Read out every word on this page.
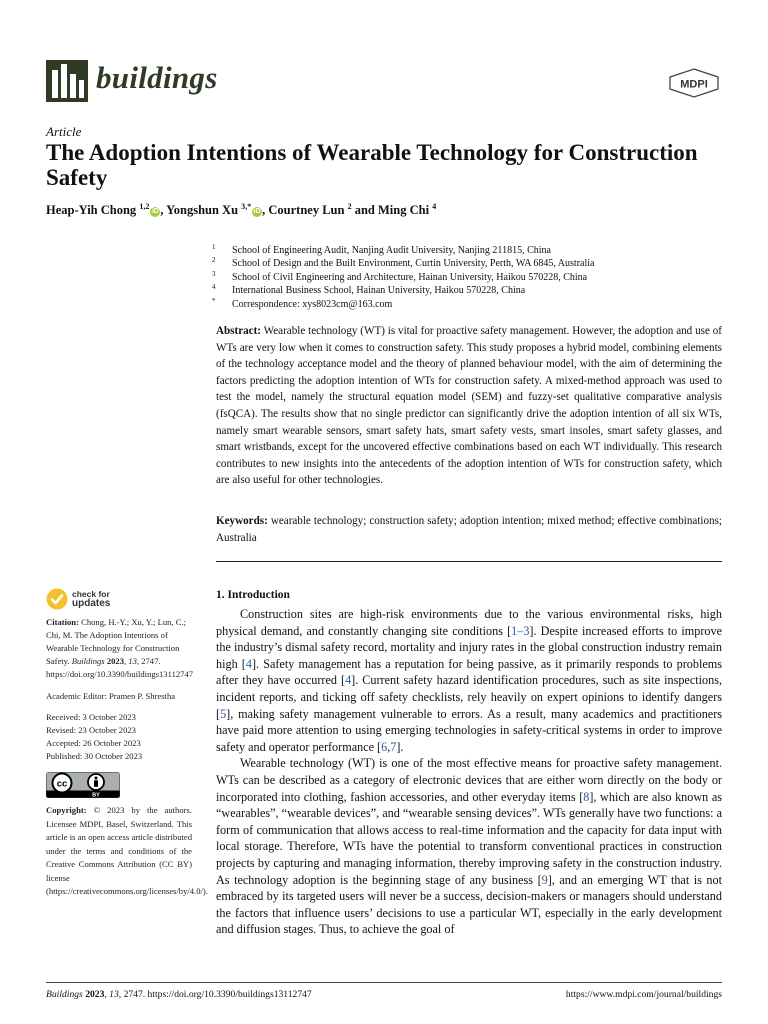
buildings	MDPI
Article
The Adoption Intentions of Wearable Technology for Construction Safety
Heap-Yih Chong $^{1,2}$iD , Yongshun Xu $^{3,*}$iD , Courtney Lun $^2$ and Ming Chi $^4$
1 School of Engineering Audit, Nanjing Audit University, Nanjing 211815, China
2 School of Design and the Built Environment, Curtin University, Perth, WA 6845, Australia
3 School of Civil Engineering and Architecture, Hainan University, Haikou 570228, China
4 International Business School, Hainan University, Haikou 570228, China
* Correspondence: xys8023cm@163.com
Abstract: Wearable technology (WT) is vital for proactive safety management. However, the adoption and use of WTs are very low when it comes to construction safety. This study proposes a hybrid model, combining elements of the technology acceptance model and the theory of planned behaviour model, with the aim of determining the factors predicting the adoption intention of WTs for construction safety. A mixed-method approach was used to test the model, namely the structural equation model (SEM) and fuzzy-set qualitative comparative analysis (fsQCA). The results show that no single predictor can significantly drive the adoption intention of all six WTs, namely smart wearable sensors, smart safety hats, smart safety vests, smart insoles, smart safety glasses, and smart wristbands, except for the uncovered effective combinations based on each WT individually. This research contributes to new insights into the antecedents of the adoption intention of WTs for construction safety, which are also useful for other technologies.
Keywords: wearable technology; construction safety; adoption intention; mixed method; effective combinations; Australia
check for
updates
Citation: Chong, H.-Y.; Xu, Y.; Lun, C.; Chi, M. The Adoption Intentions of Wearable Technology for Construction Safety. Buildings 2023, 13, 2747. https://doi.org/10.3390/buildings13112747
Academic Editor: Pramen P. Shrestha
Received: 3 October 2023
Revised: 23 October 2023
Accepted: 26 October 2023
Published: 30 October 2023
cc
BY
Copyright: © 2023 by the authors. Licensee MDPI, Basel, Switzerland. This article is an open access article distributed under the terms and conditions of the Creative Commons Attribution (CC BY) license (https://creativecommons.org/licenses/by/4.0/).
1. Introduction

Construction sites are high-risk environments due to the various environmental risks, high physical demand, and constantly changing site conditions [1–3]. Despite increased efforts to improve the industry’s dismal safety record, mortality and injury rates in the global construction industry remain high [4]. Safety management has a reputation for being passive, as it primarily responds to problems after they have occurred [4]. Current safety hazard identification procedures, such as site inspections, incident reports, and ticking off safety checklists, rely heavily on expert opinions to identify dangers [5], making safety management vulnerable to errors. As a result, many academics and practitioners have paid more attention to using emerging technologies in safety-critical systems in order to improve safety and operator performance [6,7].

Wearable technology (WT) is one of the most effective means for proactive safety management. WTs can be described as a category of electronic devices that are either worn directly on the body or incorporated into clothing, fashion accessories, and other everyday items [8], which are also known as “wearables”, “wearable devices”, and “wearable sensing devices”. WTs generally have two functions: a form of communication that allows access to real-time information and the capacity for data input with local storage. Therefore, WTs have the potential to transform conventional practices in construction projects by capturing and managing information, thereby improving safety in the construction industry. As technology adoption is the beginning stage of any business [9], and an emerging WT that is not embraced by its targeted users will never be a success, decision-makers or managers should understand the factors that influence users’ decisions to use a particular WT, especially in the early development and diffusion stages. Thus, to achieve the goal of

Buildings 2023, 13, 2747. https://doi.org/10.3390/buildings13112747	https://www.mdpi.com/journal/buildings
